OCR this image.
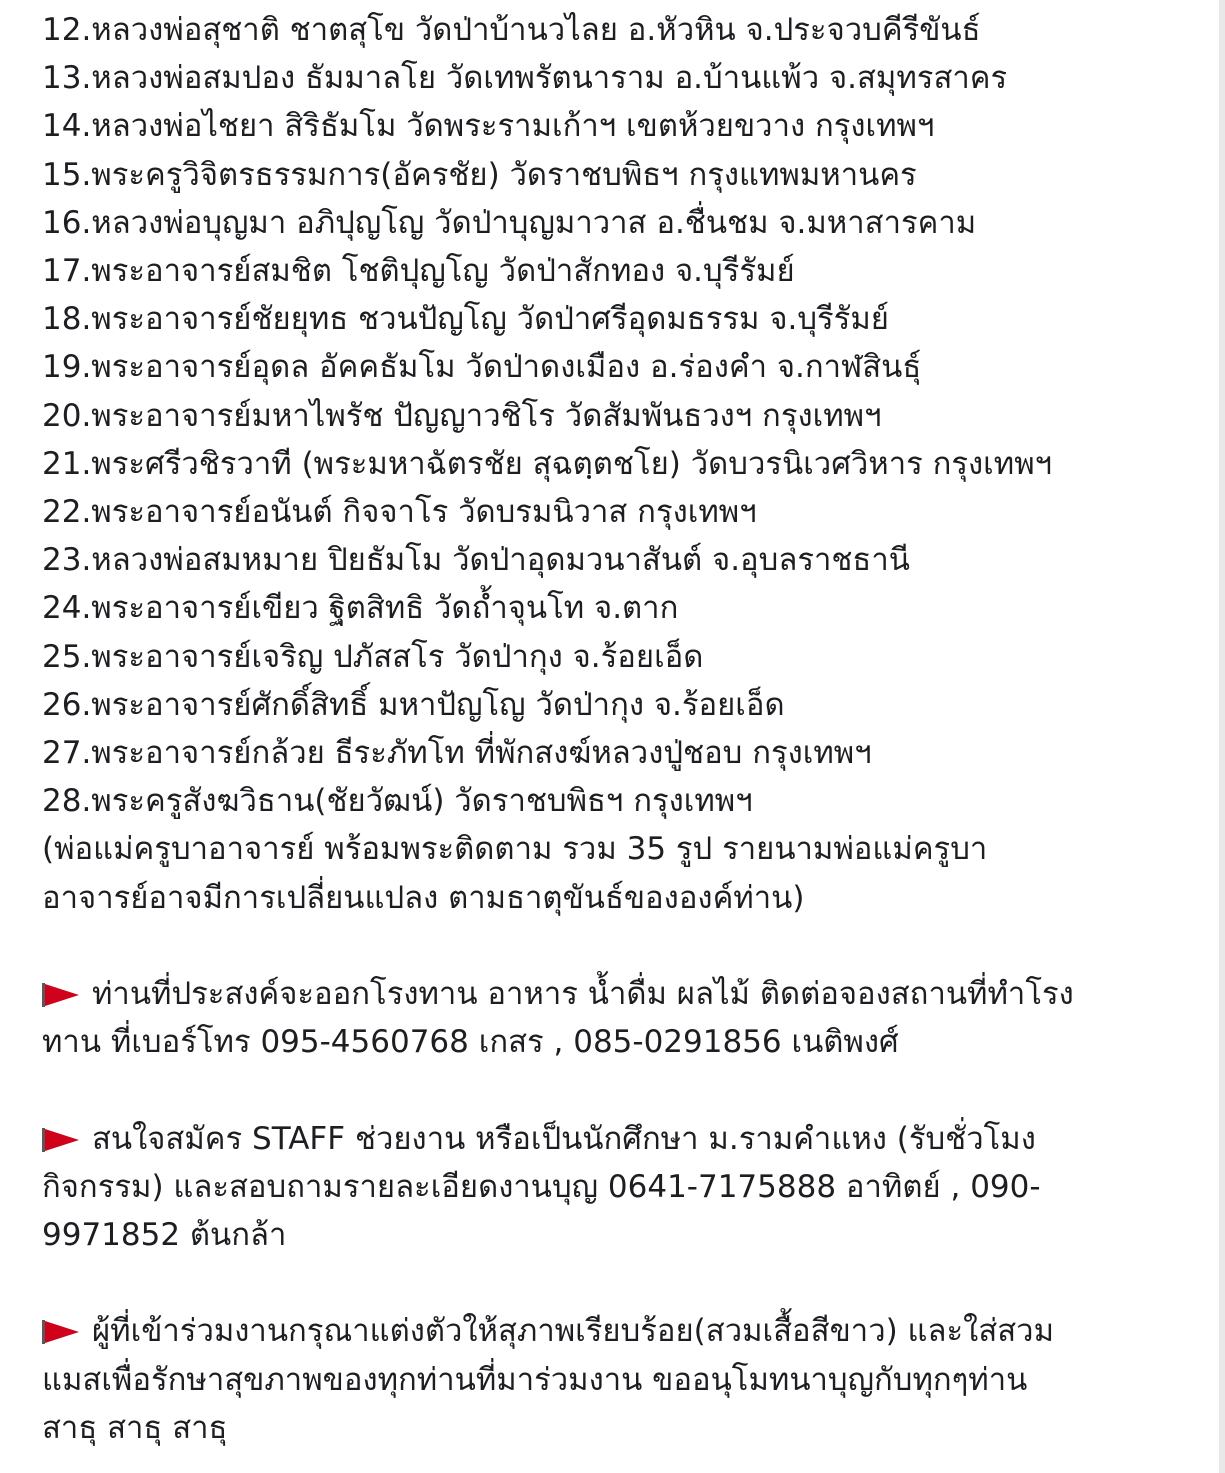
12.หลวงพ่อสุชาติ ชาตสุโข วัดป่าบ้านวไลย อ.หัวหิน จ.ประจวบคีรีขันธ์
13.หลวงพ่อสมปอง ธัมมาลโย วัดเทพรัตนาราม อ.บ้านแพ้ว จ.สมุทรสาคร
14.หลวงพ่อไชยา สิริธัมโม วัดพระรามเก้าฯ เขตห้วยขวาง กรุงเทพฯ
15.พระครูวิจิตรธรรมการ(อัครชัย) วัดราชบพิธฯ กรุงแทพมหานคร
16.หลวงพ่อบุญมา อภิปุญโญ วัดป่าบุญมาวาส อ.ชื่นชม จ.มหาสารคาม
17.พระอาจารย์สมชิต โชติปุญโญ วัดป่าสักทอง จ.บุรีรัมย์
18.พระอาจารย์ชัยยุทธ ชวนปัญโญ วัดป่าศรีอุดมธรรม จ.บุรีรัมย์
19.พระอาจารย์อุดล อัคคธัมโม วัดป่าดงเมือง อ.ร่องคำ จ.กาฬสินธุ์
20.พระอาจารย์มหาไพรัช ปัญญาวชิโร วัดสัมพันธวงฯ กรุงเทพฯ
21.พระศรีวชิรวาที (พระมหาฉัตรชัย สุฉตฺตชโย) วัดบวรนิเวศวิหาร กรุงเทพฯ
22.พระอาจารย์อนันต์ กิจจาโร วัดบรมนิวาส กรุงเทพฯ
23.หลวงพ่อสมหมาย ปิยธัมโม วัดป่าอุดมวนาสันต์ จ.อุบลราชธานี
24.พระอาจารย์เขียว ฐิตสิทธิ วัดถ้ำจุนโท จ.ตาก
25.พระอาจารย์เจริญ ปภัสสโร วัดป่ากุง จ.ร้อยเอ็ด
26.พระอาจารย์ศักดิ์สิทธิ์ มหาปัญโญ วัดป่ากุง จ.ร้อยเอ็ด
27.พระอาจารย์กล้วย ธีระภัทโท ที่พักสงฆ์หลวงปู่ชอบ กรุงเทพฯ
28.พระครูสังฆวิธาน(ชัยวัฒน์) วัดราชบพิธฯ กรุงเทพฯ
(พ่อแม่ครูบาอาจารย์ พร้อมพระติดตาม รวม 35 รูป รายนามพ่อแม่ครูบา
อาจารย์อาจมีการเปลี่ยนแปลง ตามธาตุขันธ์ขององค์ท่าน)
ท่านที่ประสงค์จะออกโรงทาน อาหาร น้ำดื่ม ผลไม้ ติดต่อจองสถานที่ทำโรง
ทาน ที่เบอร์โทร 095-4560768 เกสร , 085-0291856 เนติพงศ์
สนใจสมัคร STAFF ช่วยงาน หรือเป็นนักศึกษา ม.รามคำแหง (รับชั่วโมง
กิจกรรม) และสอบถามรายละเอียดงานบุญ 0641-7175888 อาทิตย์ , 090-
9971852 ต้นกล้า
ผู้ที่เข้าร่วมงานกรุณาแต่งตัวให้สุภาพเรียบร้อย(สวมเสื้อสีขาว) และใส่สวม
แมสเพื่อรักษาสุขภาพของทุกท่านที่มาร่วมงาน ขออนุโมทนาบุญกับทุกๆท่าน
สาธุ สาธุ สาธุ
